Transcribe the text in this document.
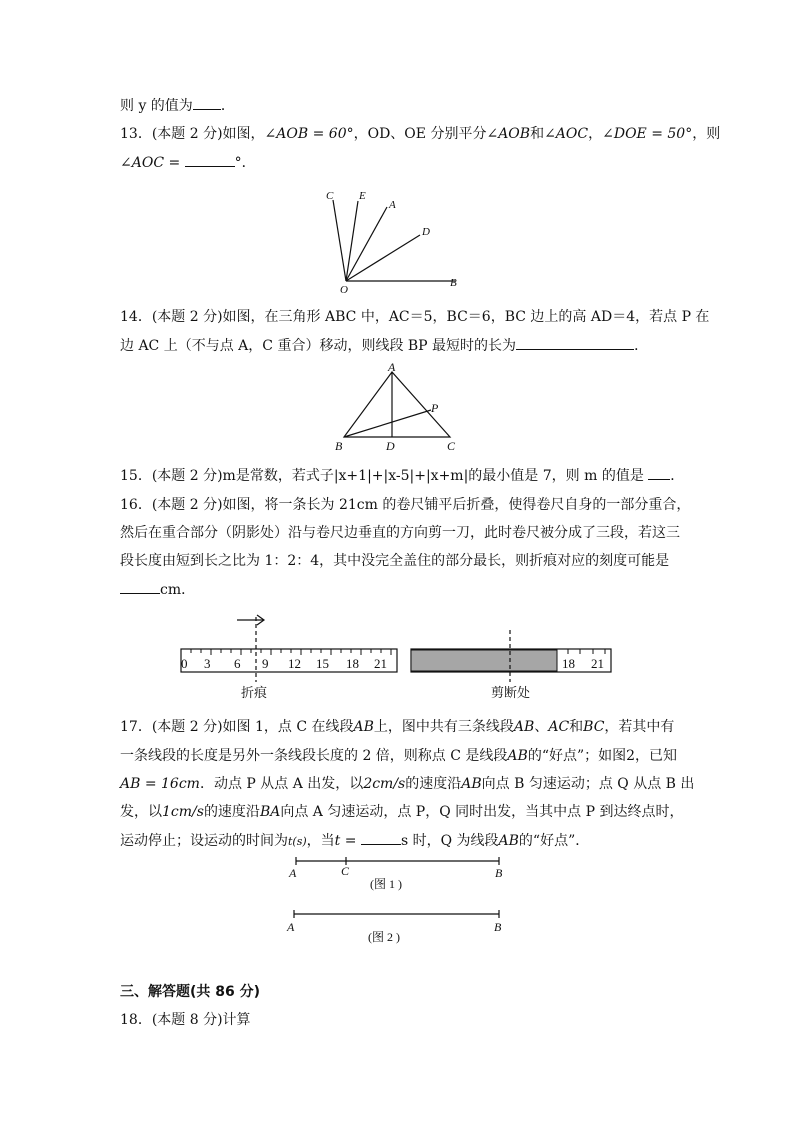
则 y 的值为 ．
13．(本题 2 分)如图，∠AOB = 60°，OD、OE 分别平分∠AOB和∠AOC，∠DOE = 50°，则
∠AOC =	°．
C E
A
D
O
B
14．(本题 2 分)如图，在三角形 ABC 中，AC＝5，BC＝6，BC 边上的高 AD＝4，若点 P 在
边 AC 上（不与点 A，C 重合）移动，则线段 BP 最短时的长为	．
A
B	C
D
P
15．(本题 2 分)m是常数，若式子|x+1|+|x-5|+|x+m|的最小值是 7，则 m 的值是 ．
16．(本题 2 分)如图，将一条长为 21cm 的卷尺铺平后折叠，使得卷尺自身的一部分重合，
然后在重合部分（阴影处）沿与卷尺边垂直的方向剪一刀，此时卷尺被分成了三段，若这三
段长度由短到长之比为 1：2：4，其中没完全盖住的部分最长，则折痕对应的刻度可能是
cm．
0 3 6 9 12 15 18 21
折痕
18 21
剪断处
17．(本题 2 分)如图 1，点 C 在线段AB上，图中共有三条线段AB、AC和BC，若其中有
一条线段的长度是另外一条线段长度的 2 倍，则称点 C 是线段AB的“好点”；如图2，已知
AB = 16cm．动点 P 从点 A 出发，以2cm/s的速度沿AB向点 B 匀速运动；点 Q 从点 B 出
发，以1cm/s的速度沿BA向点 A 匀速运动，点 P，Q 同时出发，当其中点 P 到达终点时，
运动停止；设运动的时间为t(s)，当t =	s 时，Q 为线段AB的“好点”．
A	C	B
A	B
(图 1 )
(图 2 )
三、解答题(共 86 分)
18．(本题 8 分)计算
